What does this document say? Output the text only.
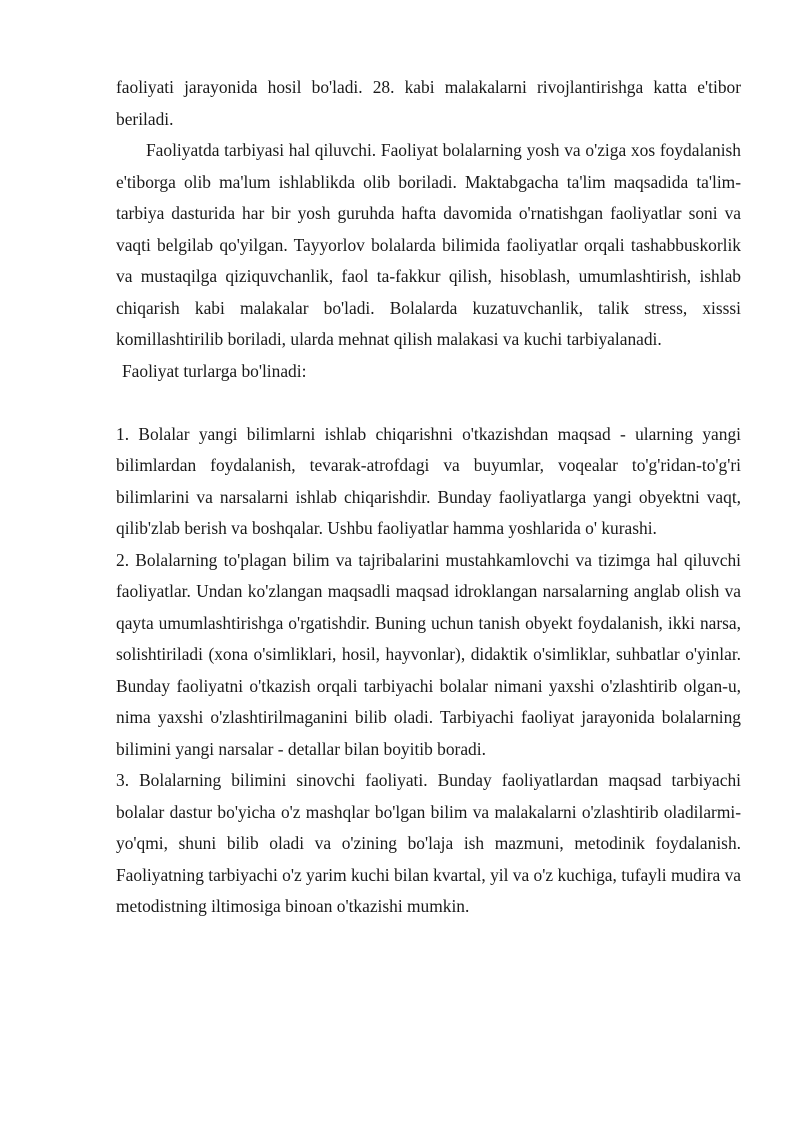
faoliyati jarayonida hosil bo'ladi. 28. kabi malakalarni rivojlantirishga katta e'tibor beriladi.

Faoliyatda tarbiyasi hal qiluvchi. Faoliyat bolalarning yosh va o'ziga xos foydalanish e'tiborga olib ma'lum ishlablikda olib boriladi. Maktabgacha ta'lim maqsadida ta'lim-tarbiya dasturida har bir yosh guruhda hafta davomida o'rnatishgan faoliyatlar soni va vaqti belgilab qo'yilgan. Tayyorlov bolalarda bilimida faoliyatlar orqali tashabbuskorlik va mustaqilga qiziquvchanlik, faol ta-fakkur qilish, hisoblash, umumlashtirish, ishlab chiqarish kabi malakalar bo'ladi. Bolalarda kuzatuvchanlik, talik stress, xisssi komillashtirilib boriladi, ularda mehnat qilish malakasi va kuchi tarbiyalanadi.

Faoliyat turlarga bo'linadi:

1. Bolalar yangi bilimlarni ishlab chiqarishni o'tkazishdan maqsad - ularning yangi bilimlardan foydalanish, tevarak-atrofdagi va buyumlar, voqealar to'g'ridan-to'g'ri bilimlarini va narsalarni ishlab chiqarishdir. Bunday faoliyatlarga yangi obyektni vaqt, qilib'zlab berish va boshqalar. Ushbu faoliyatlar hamma yoshlarida o' kurashi.

2. Bolalarning to'plagan bilim va tajribalarini mustahkamlovchi va tizimga hal qiluvchi faoliyatlar. Undan ko'zlangan maqsadli maqsad idroklangan narsalarning anglab olish va qayta umumlashtirishga o'rgatishdir. Buning uchun tanish obyekt foydalanish, ikki narsa, solishtiriladi (xona o'simliklari, hosil, hayvonlar), didaktik o'simliklar, suhbatlar o'yinlar. Bunday faoliyatni o'tkazish orqali tarbiyachi bolalar nimani yaxshi o'zlashtirib olgan-u, nima yaxshi o'zlashtirilmaganini bilib oladi. Tarbiyachi faoliyat jarayonida bolalarning bilimini yangi narsalar - detallar bilan boyitib boradi.

3. Bolalarning bilimini sinovchi faoliyati. Bunday faoliyatlardan maqsad tarbiyachi bolalar dastur bo'yicha o'z mashqlar bo'lgan bilim va malakalarni o'zlashtirib oladilarmi-yo'qmi, shuni bilib oladi va o'zining bo'laja ish mazmuni, metodinik foydalanish. Faoliyatning tarbiyachi o'z yarim kuchi bilan kvartal, yil va o'z kuchiga, tufayli mudira va metodistning iltimosiga binoan o'tkazishi mumkin.
